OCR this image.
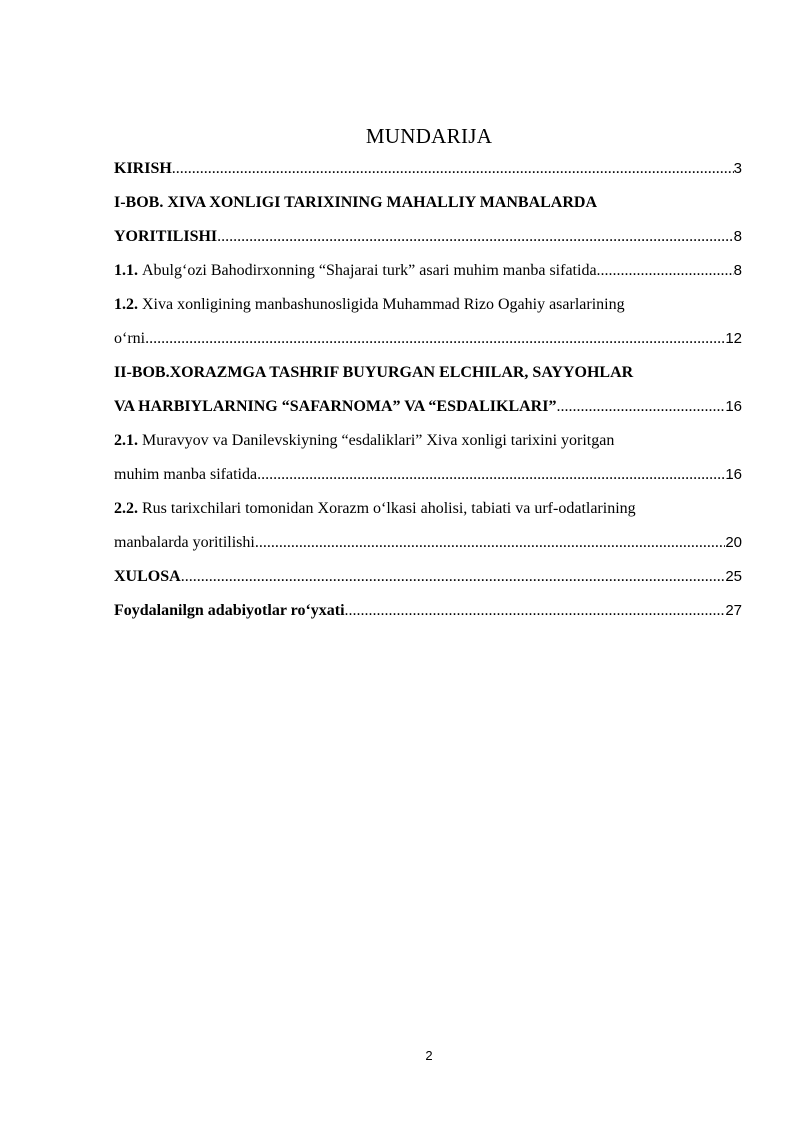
MUNDARIJA
KIRISH .....	3
I-BOB. XIVA XONLIGI TARIXINING MAHALLIY MANBALARDA
YORITILISHI .....	8
1.1.
Abulg‘ozi Bahodirxonning “Shajarai turk” asari muhim manba sifatida .....	8
1.2.
Xiva xonligining manbashunosligida Muhammad Rizo Ogahiy asarlarining
o‘rni .....	12
II-BOB.XORAZMGA TASHRIF BUYURGAN ELCHILAR, SAYYOHLAR
VA HARBIYLARNING “SAFARNOMA” VA “ESDALIKLARI” .....	16
2.1.
Muravyov va Danilevskiyning “esdaliklari” Xiva xonligi tarixini yoritgan
muhim manba sifatida .....	16
2.2.
Rus tarixchilari tomonidan Xorazm o‘lkasi aholisi, tabiati va urf-odatlarining
manbalarda yoritilishi .....	20
XULOSA .....	25
Foydalanilgn adabiyotlar ro‘yxati .....	27
2
